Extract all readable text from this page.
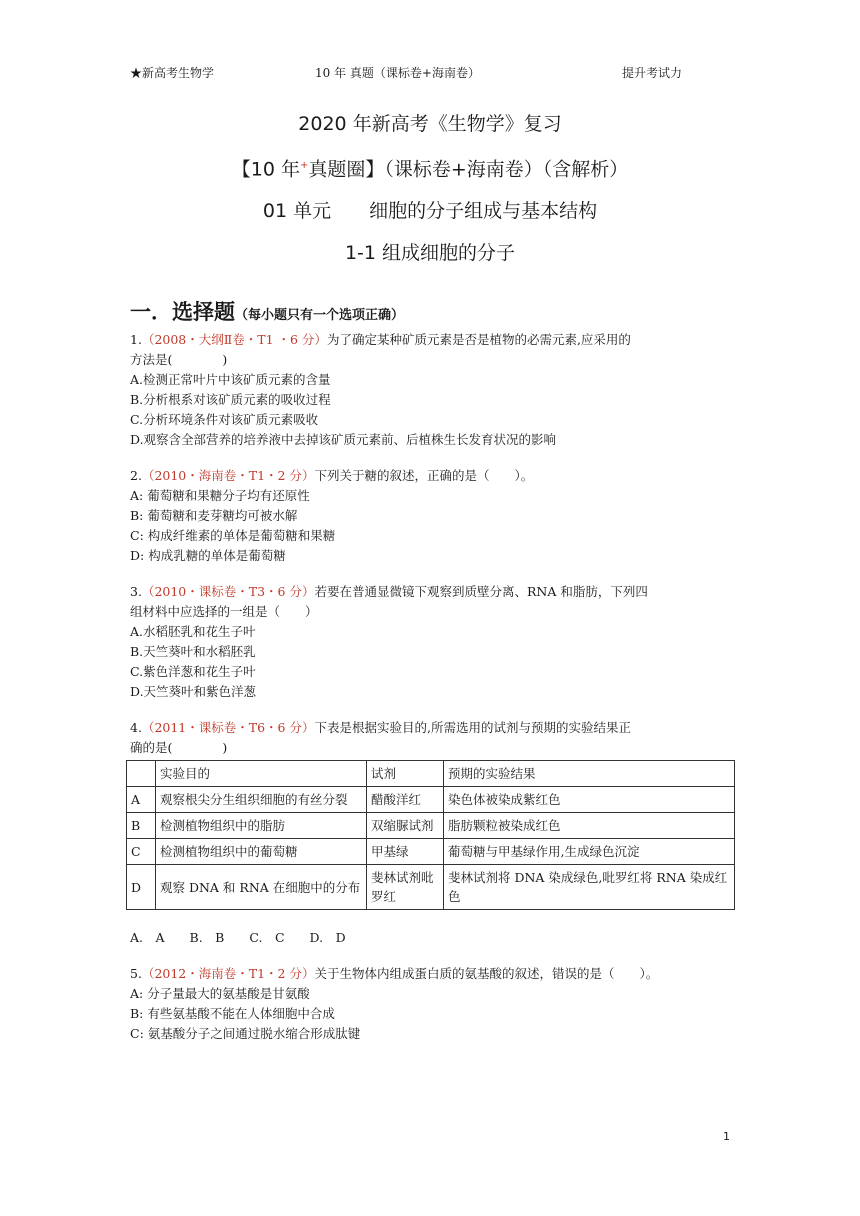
★新高考生物学	10 年 真题（课标卷+海南卷）	提升考试力
2020 年新高考《生物学》复习
【10 年+真题圈】（课标卷+海南卷）（含解析）
01 单元　　细胞的分子组成与基本结构
1-1 组成细胞的分子
一．选择题（每小题只有一个选项正确）
1.（2008・大纲Ⅱ卷・T1 ・6 分）为了确定某种矿质元素是否是植物的必需元素,应采用的
方法是(　　　　)
A.检测正常叶片中该矿质元素的含量
B.分析根系对该矿质元素的吸收过程
C.分析环境条件对该矿质元素吸收
D.观察含全部营养的培养液中去掉该矿质元素前、后植株生长发育状况的影响
2.（2010・海南卷・T1・2 分）下列关于糖的叙述，正确的是（　　）。
A: 葡萄糖和果糖分子均有还原性
B: 葡萄糖和麦芽糖均可被水解
C: 构成纤维素的单体是葡萄糖和果糖
D: 构成乳糖的单体是葡萄糖
3.（2010・课标卷・T3・6 分）若要在普通显微镜下观察到质壁分离、RNA 和脂肪，下列四
组材料中应选择的一组是（　　）
A.水稻胚乳和花生子叶
B.天竺葵叶和水稻胚乳
C.紫色洋葱和花生子叶
D.天竺葵叶和紫色洋葱
4.（2011・课标卷・T6・6 分）下表是根据实验目的,所需选用的试剂与预期的实验结果正
确的是(　　　　)
	实验目的	试剂	预期的实验结果
A	观察根尖分生组织细胞的有丝分裂	醋酸洋红	染色体被染成紫红色
B	检测植物组织中的脂肪	双缩脲试剂	脂肪颗粒被染成红色
C	检测植物组织中的葡萄糖	甲基绿	葡萄糖与甲基绿作用,生成绿色沉淀
D	观察 DNA 和 RNA 在细胞中的分布	斐林试剂吡罗红	斐林试剂将 DNA 染成绿色,吡罗红将 RNA 染成红色
A.　A　　B.　B　　C.　C　　D.　D
5.（2012・海南卷・T1・2 分）关于生物体内组成蛋白质的氨基酸的叙述，错误的是（　　）。
A: 分子量最大的氨基酸是甘氨酸
B: 有些氨基酸不能在人体细胞中合成
C: 氨基酸分子之间通过脱水缩合形成肽键
1
